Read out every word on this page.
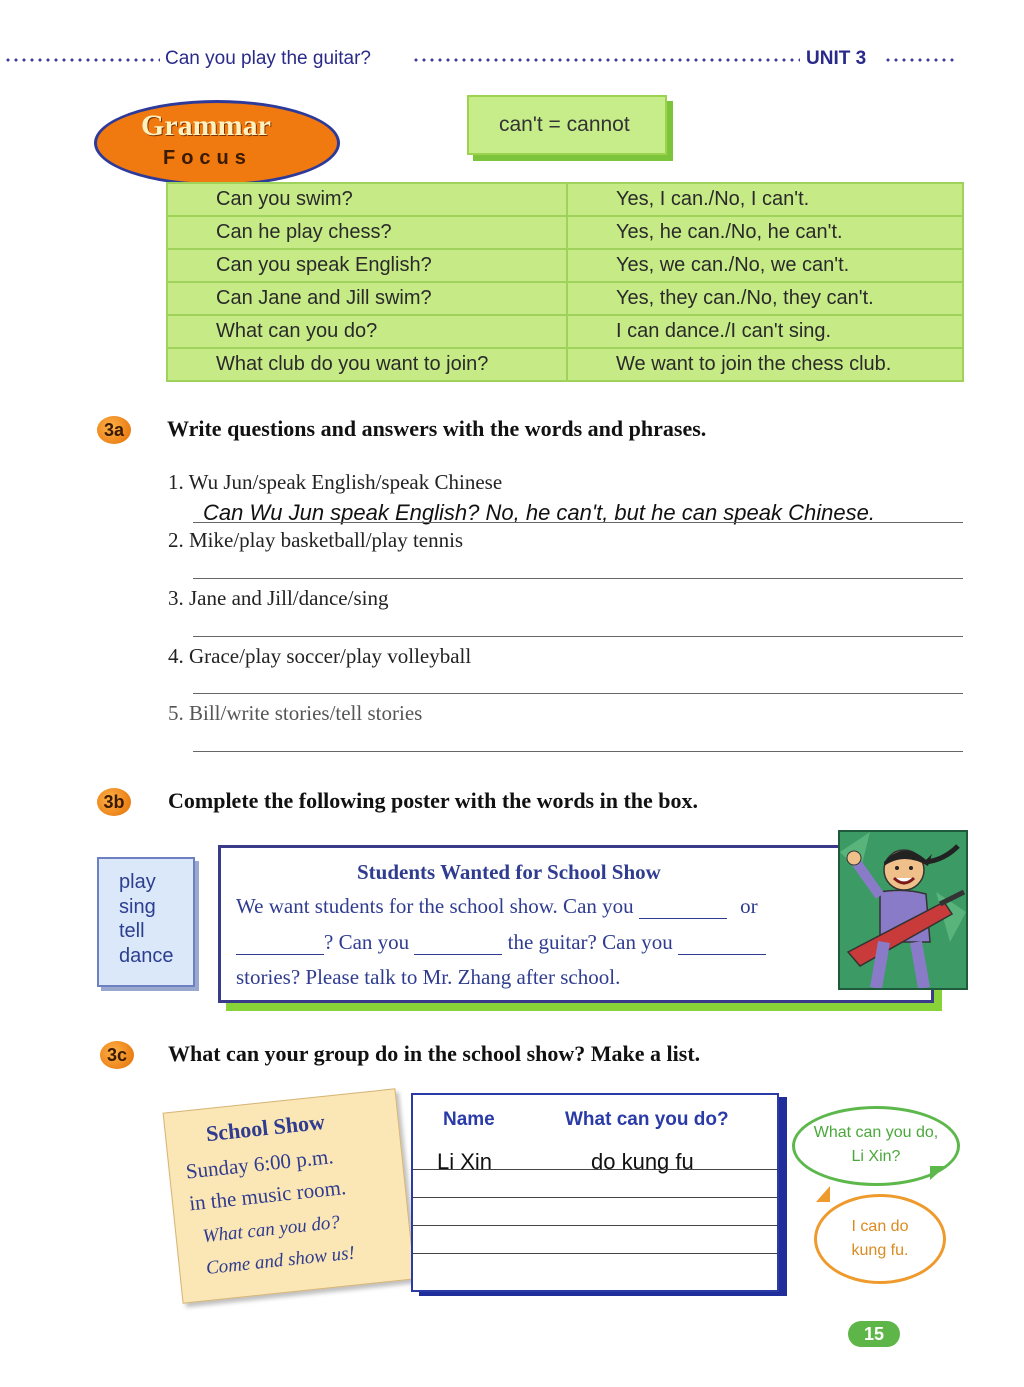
Can you play the guitar?	UNIT 3
Grammar
Focus
can't = cannot
Can you swim?	Yes, I can./No, I can't.
Can he play chess?	Yes, he can./No, he can't.
Can you speak English?	Yes, we can./No, we can't.
Can Jane and Jill swim?	Yes, they can./No, they can't.
What can you do?	I can dance./I can't sing.
What club do you want to join?	We want to join the chess club.
3a	Write questions and answers with the words and phrases.
1. Wu Jun/speak English/speak Chinese
Can Wu Jun speak English? No, he can't, but he can speak Chinese.
2. Mike/play basketball/play tennis
3. Jane and Jill/dance/sing
4. Grace/play soccer/play volleyball
5. Bill/write stories/tell stories
3b Complete the following poster with the words in the box.
play
sing
tell
dance
Students Wanted for School Show
We want students for the school show. Can you	or
? Can you	the guitar? Can you
stories? Please talk to Mr. Zhang after school.
3c	What can your group do in the school show? Make a list.
School Show
Sunday 6:00 p.m.
in the music room.
What can you do?
Come and show us!
Name	What can you do?
Li Xin	do kung fu
What can you do, Li Xin?
I can do kung fu.
15
